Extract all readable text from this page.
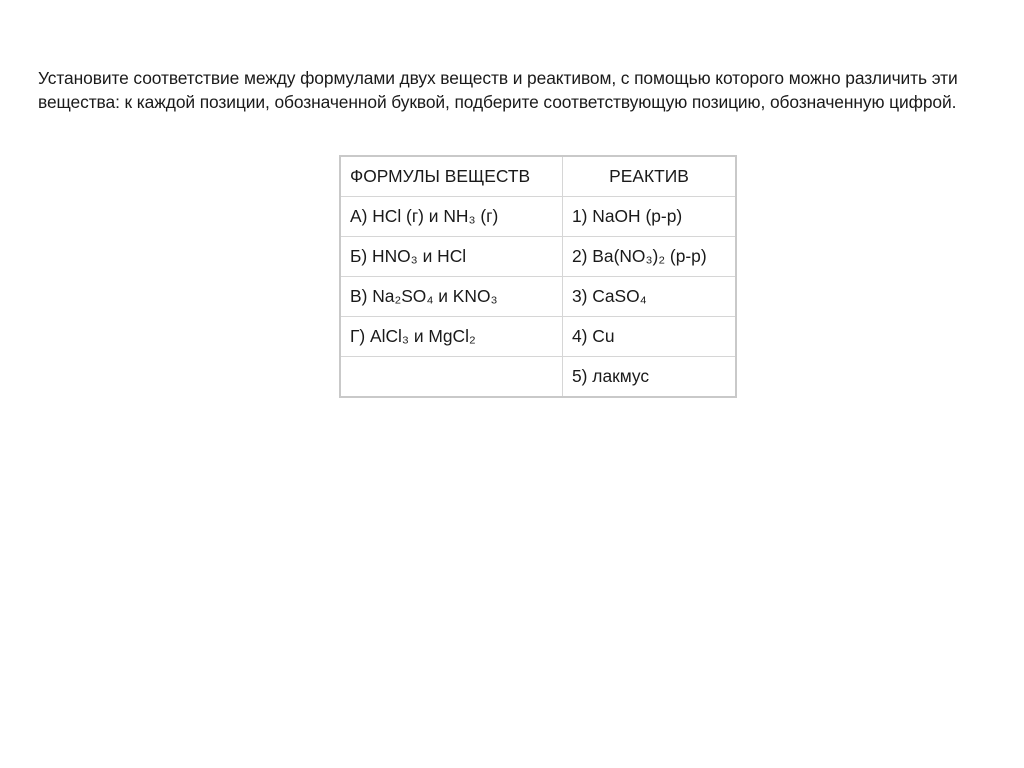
Установите соответствие между формулами двух веществ и реактивом, с помощью которого можно различить эти вещества: к каждой позиции, обозначенной буквой, подберите соответствующую позицию, обозначенную цифрой.

ФОРМУЛЫ ВЕЩЕСТВ	РЕАКТИВ
А) HCl (г) и NH₃ (г)	1) NaOH (р-р)
Б) HNO₃ и HCl	2) Ba(NO₃)₂ (р-р)
В) Na₂SO₄ и KNO₃	3) CaSO₄
Г) AlCl₃ и MgCl₂	4) Cu
	5) лакмус
